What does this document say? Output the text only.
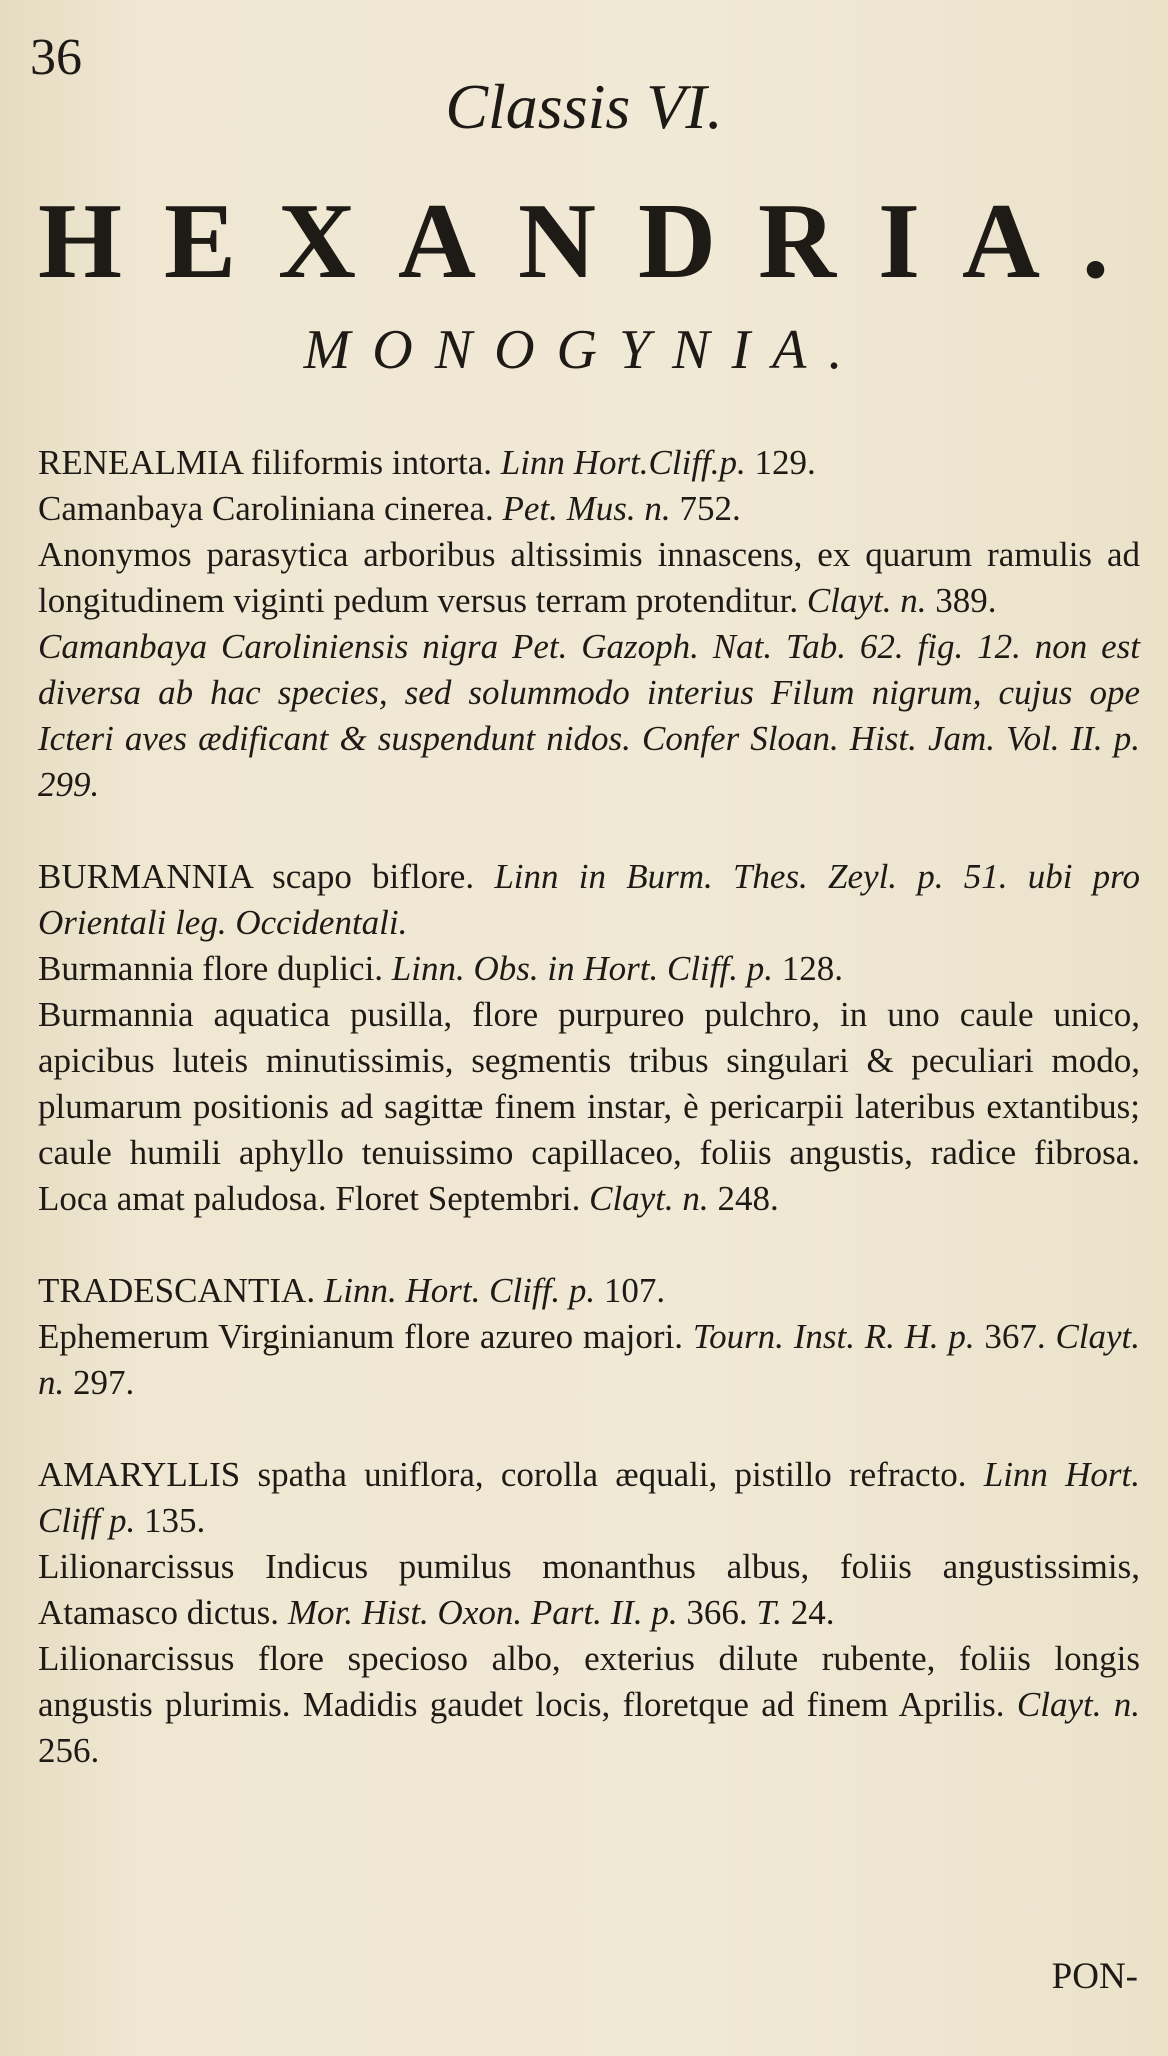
36
Classis VI.
HEXANDRIA.
MONOGYNIA.

RENEALMIA filiformis intorta. Linn Hort.Cliff.p. 129.

Camanbaya Caroliniana cinerea. Pet. Mus. n. 752.

Anonymos parasytica arboribus altissimis innascens, ex quarum ramulis ad longitudinem viginti pedum versus terram protenditur. Clayt. n. 389.

Camanbaya Caroliniensis nigra Pet. Gazoph. Nat. Tab. 62. fig. 12. non est diversa ab hac species, sed solummodo interius Filum nigrum, cujus ope Icteri aves ædificant & suspendunt nidos. Confer Sloan. Hist. Jam. Vol. II. p. 299.

BURMANNIA scapo biflore. Linn in Burm. Thes. Zeyl. p. 51. ubi pro Orientali leg. Occidentali.

Burmannia flore duplici. Linn. Obs. in Hort. Cliff. p. 128.

Burmannia aquatica pusilla, flore purpureo pulchro, in uno caule unico, apicibus luteis minutissimis, segmentis tribus singulari & peculiari modo, plumarum positionis ad sagittæ finem instar, è pericarpii lateribus extantibus; caule humili aphyllo tenuissimo capillaceo, foliis angustis, radice fibrosa. Loca amat paludosa. Floret Septembri. Clayt. n. 248.

TRADESCANTIA. Linn. Hort. Cliff. p. 107.

Ephemerum Virginianum flore azureo majori. Tourn. Inst. R. H. p. 367. Clayt. n. 297.

AMARYLLIS spatha uniflora, corolla æquali, pistillo refracto. Linn Hort. Cliff p. 135.

Lilionarcissus Indicus pumilus monanthus albus, foliis angustissimis, Atamasco dictus. Mor. Hist. Oxon. Part. II. p. 366. T. 24.

Lilionarcissus flore specioso albo, exterius dilute rubente, foliis longis angustis plurimis. Madidis gaudet locis, floretque ad finem Aprilis. Clayt. n. 256.

PON-
